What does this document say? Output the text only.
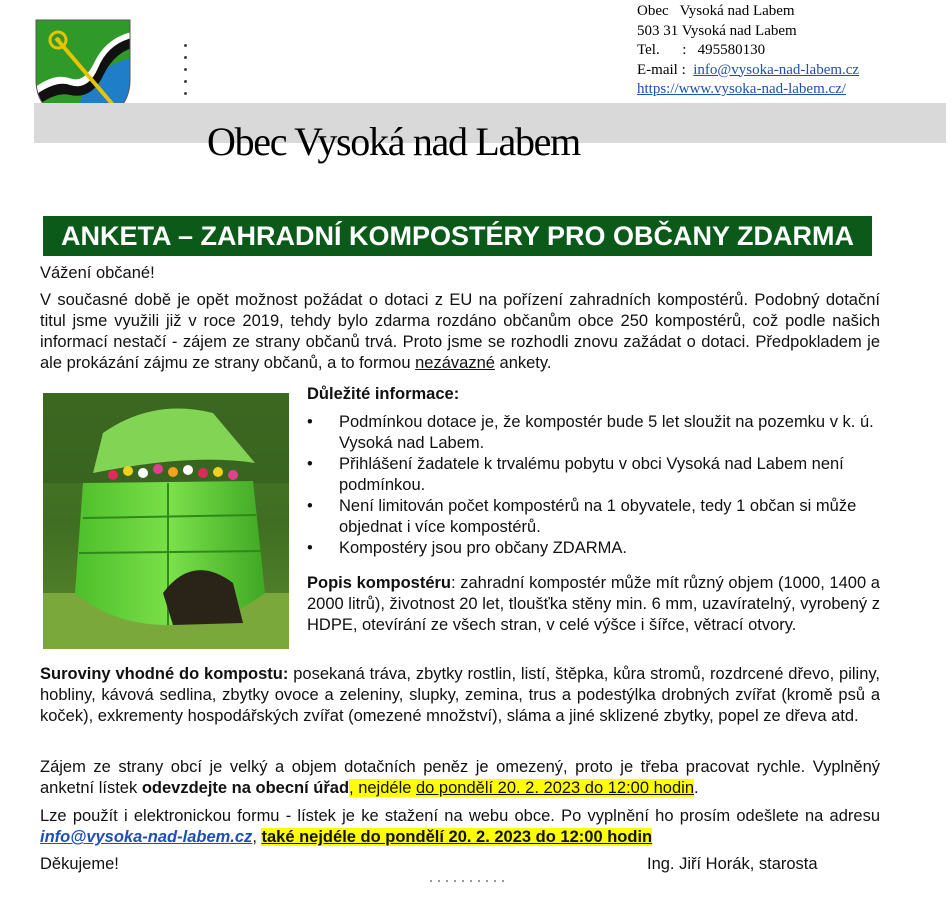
Obec Vysoká nad Labem
Obec   Vysoká nad Labem
503 31 Vysoká nad Labem
Tel. : 495580130
E-mail : info@vysoka-nad-labem.cz
https://www.vysoka-nad-labem.cz/
ANKETA – ZAHRADNÍ KOMPOSTÉRY PRO OBČANY ZDARMA
Vážení občané!
V současné době je opět možnost požádat o dotaci z EU na pořízení zahradních kompostérů. Podobný dotační titul jsme využili již v roce 2019, tehdy bylo zdarma rozdáno občanům obce 250 kompostérů, což podle našich informací nestačí - zájem ze strany občanů trvá. Proto jsme se rozhodli znovu zažádat o dotaci. Předpokladem je ale prokázání zájmu ze strany občanů, a to formou nezávazné ankety.
Důležité informace:
•Podmínkou dotace je, že kompostér bude 5 let sloužit na pozemku v k. ú. Vysoká nad Labem.
•Přihlášení žadatele k trvalému pobytu v obci Vysoká nad Labem není podmínkou.
•Není limitován počet kompostérů na 1 obyvatele, tedy 1 občan si může objednat i více kompostérů.
•Kompostéry jsou pro občany ZDARMA.
Popis kompostéru: zahradní kompostér může mít různý objem (1000, 1400 a 2000 litrů), životnost 20 let, tloušťka stěny min. 6 mm, uzavíratelný, vyrobený z HDPE, otevírání ze všech stran, v celé výšce i šířce, větrací otvory.
Suroviny vhodné do kompostu: posekaná tráva, zbytky rostlin, listí, štěpka, kůra stromů, rozdrcené dřevo, piliny, hobliny, kávová sedlina, zbytky ovoce a zeleniny, slupky, zemina, trus a podestýlka drobných zvířat (kromě psů a koček), exkrementy hospodářských zvířat (omezené množství), sláma a jiné sklizené zbytky, popel ze dřeva atd.
Zájem ze strany obcí je velký a objem dotačních peněz je omezený, proto je třeba pracovat rychle. Vyplněný anketní lístek odevzdejte na obecní úřad, nejdéle do pondělí 20. 2. 2023 do 12:00 hodin.
Lze použít i elektronickou formu - lístek je ke stažení na webu obce. Po vyplnění ho prosím odešlete na adresu info@vysoka-nad-labem.cz, také nejdéle do pondělí 20. 2. 2023 do 12:00 hodin
Děkujeme!	Ing. Jiří Horák, starosta
